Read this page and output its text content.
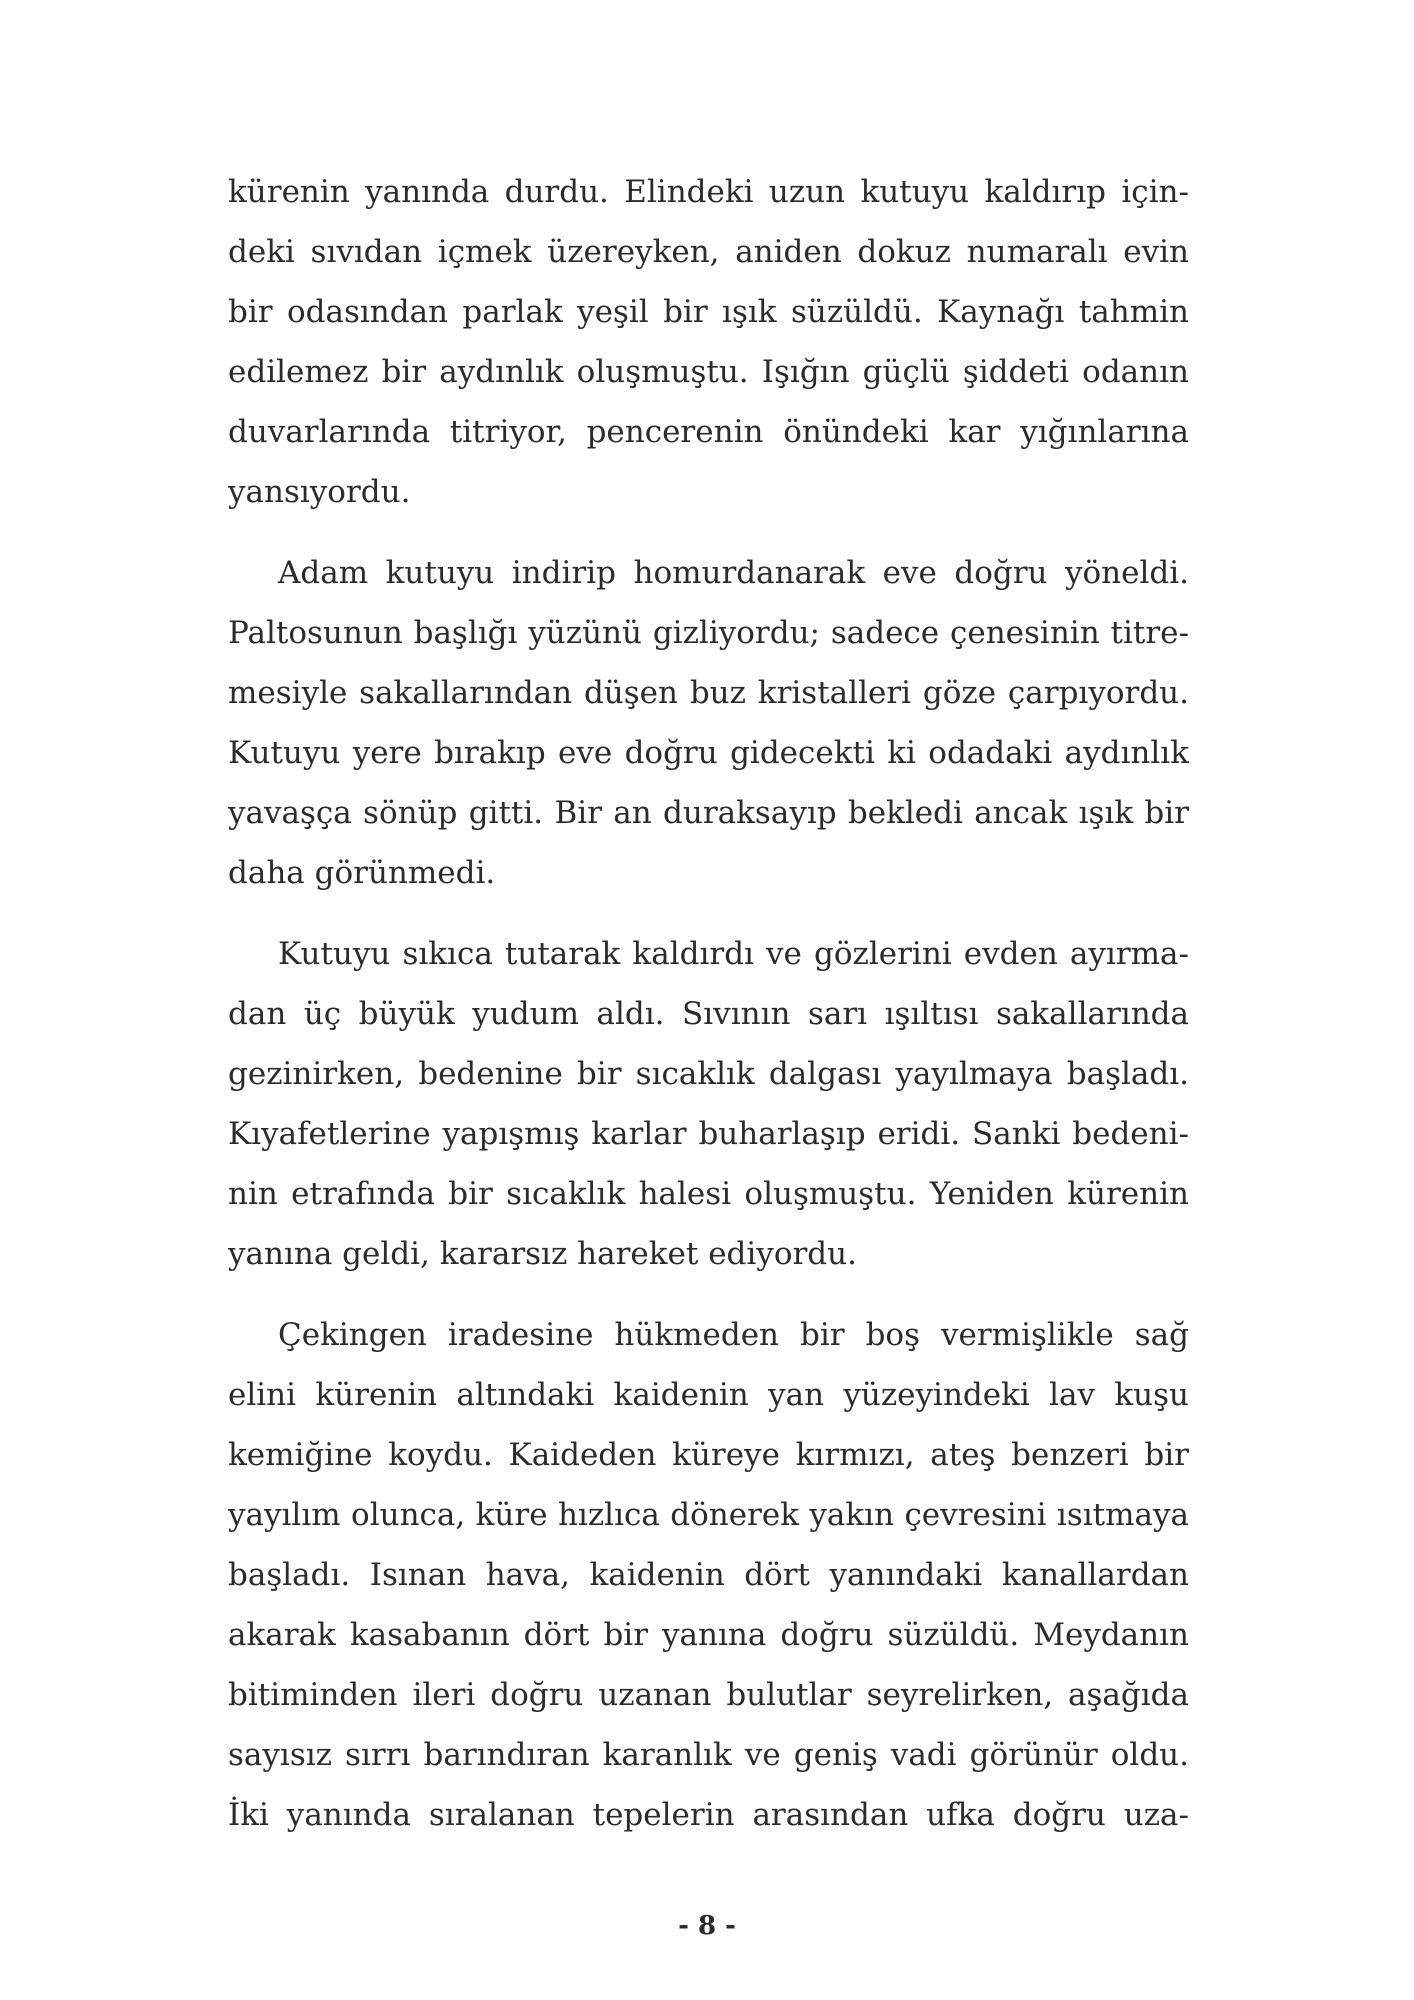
kürenin yanında durdu. Elindeki uzun kutuyu kaldırıp için-
deki sıvıdan içmek üzereyken, aniden dokuz numaralı evin
bir odasından parlak yeşil bir ışık süzüldü. Kaynağı tahmin
edilemez bir aydınlık oluşmuştu. Işığın güçlü şiddeti odanın
duvarlarında titriyor, pencerenin önündeki kar yığınlarına
yansıyordu.
Adam kutuyu indirip homurdanarak eve doğru yöneldi.
Paltosunun başlığı yüzünü gizliyordu; sadece çenesinin titre-
mesiyle sakallarından düşen buz kristalleri göze çarpıyordu.
Kutuyu yere bırakıp eve doğru gidecekti ki odadaki aydınlık
yavaşça sönüp gitti. Bir an duraksayıp bekledi ancak ışık bir
daha görünmedi.
Kutuyu sıkıca tutarak kaldırdı ve gözlerini evden ayırma-
dan üç büyük yudum aldı. Sıvının sarı ışıltısı sakallarında
gezinirken, bedenine bir sıcaklık dalgası yayılmaya başladı.
Kıyafetlerine yapışmış karlar buharlaşıp eridi. Sanki bedeni-
nin etrafında bir sıcaklık halesi oluşmuştu. Yeniden kürenin
yanına geldi, kararsız hareket ediyordu.
Çekingen iradesine hükmeden bir boş vermişlikle sağ
elini kürenin altındaki kaidenin yan yüzeyindeki lav kuşu
kemiğine koydu. Kaideden küreye kırmızı, ateş benzeri bir
yayılım olunca, küre hızlıca dönerek yakın çevresini ısıtmaya
başladı. Isınan hava, kaidenin dört yanındaki kanallardan
akarak kasabanın dört bir yanına doğru süzüldü. Meydanın
bitiminden ileri doğru uzanan bulutlar seyrelirken, aşağıda
sayısız sırrı barındıran karanlık ve geniş vadi görünür oldu.
İki yanında sıralanan tepelerin arasından ufka doğru uza-
- 8 -
